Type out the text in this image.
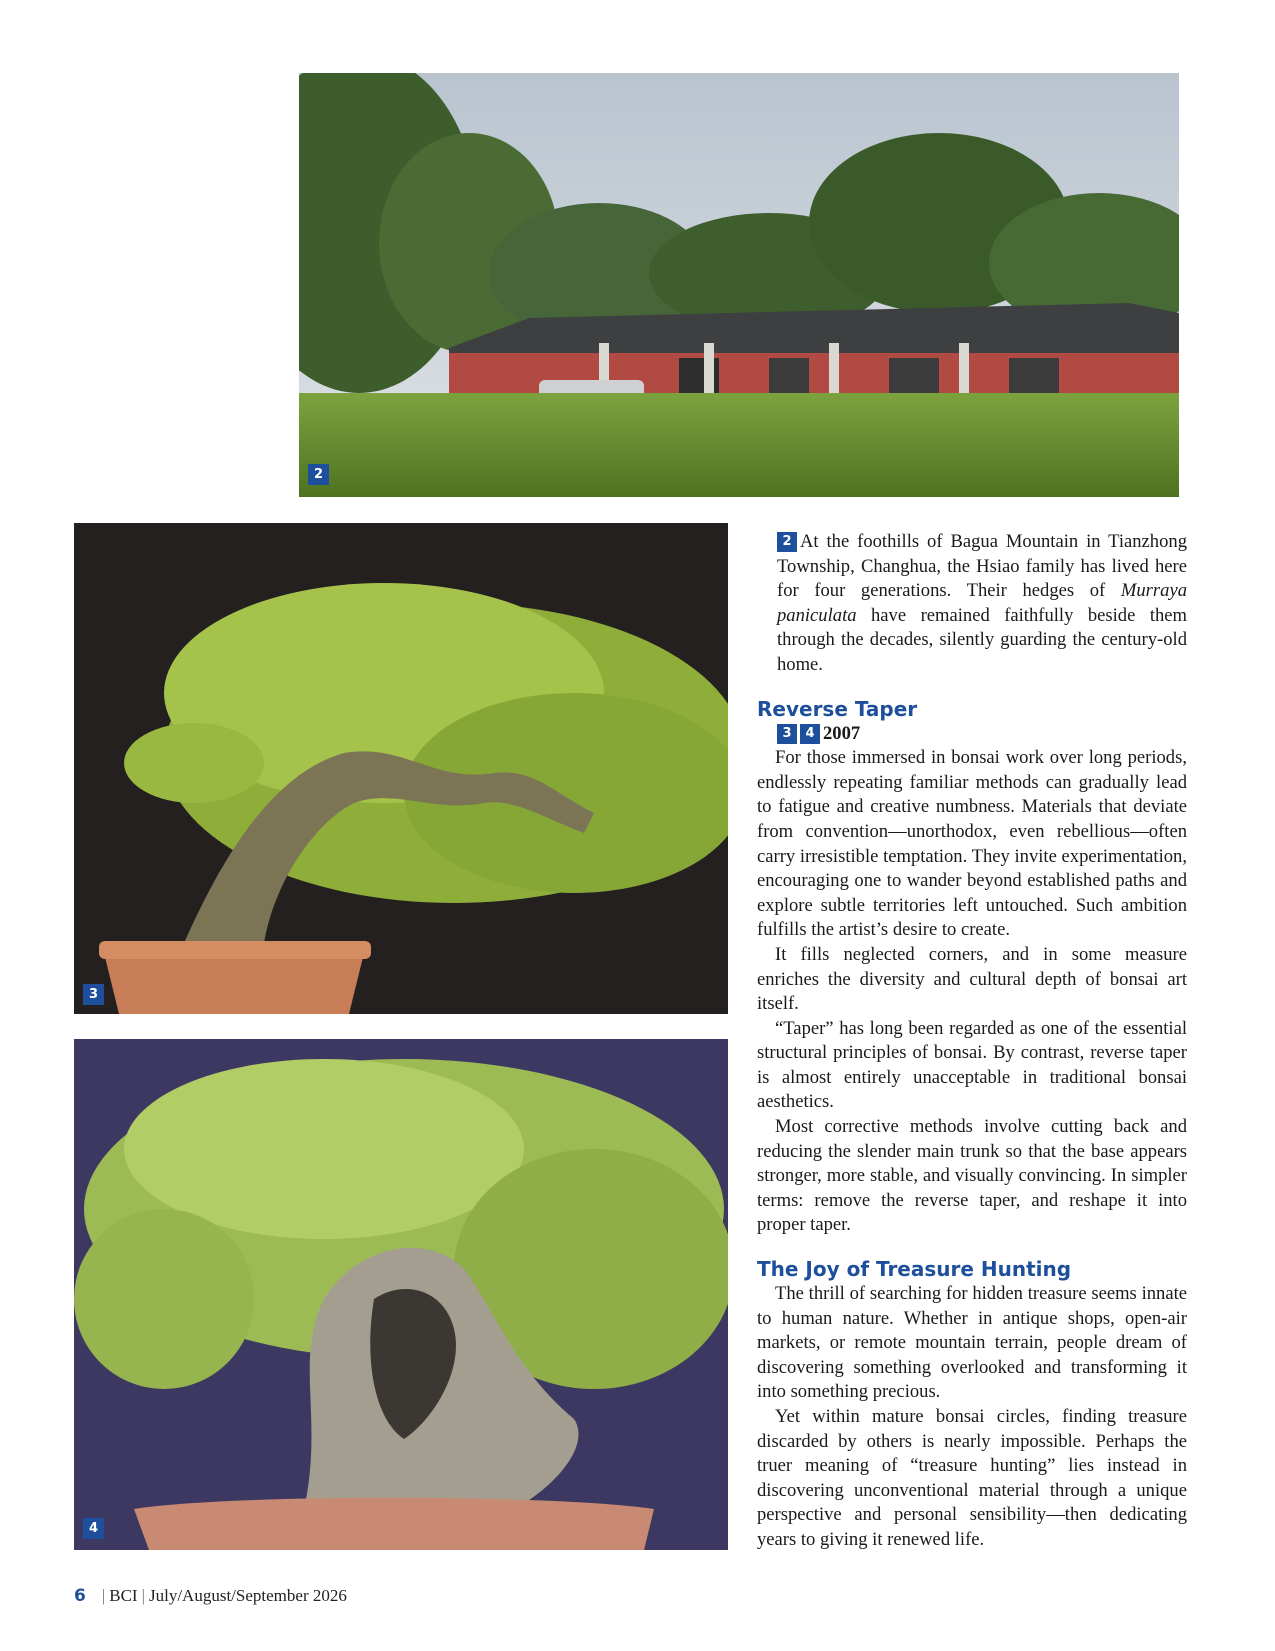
2
3
4

2 At the foothills of Bagua Mountain in Tianzhong Township, Changhua, the Hsiao family has lived here for four generations. Their hedges of Murraya paniculata have remained faithfully beside them through the decades, silently guarding the century-old home.

Reverse Taper
3 4 2007

For those immersed in bonsai work over long periods, endlessly repeating familiar methods can gradually lead to fatigue and creative numbness. Materials that deviate from convention—unorthodox, even rebellious—often carry irresistible temptation. They invite experimentation, encouraging one to wander beyond established paths and explore subtle territories left untouched. Such ambition fulfills the artist’s desire to create.

It fills neglected corners, and in some measure enriches the diversity and cultural depth of bonsai art itself.

“Taper” has long been regarded as one of the essential structural principles of bonsai. By contrast, reverse taper is almost entirely unacceptable in traditional bonsai aesthetics.

Most corrective methods involve cutting back and reducing the slender main trunk so that the base appears stronger, more stable, and visually convincing. In simpler terms: remove the reverse taper, and reshape it into proper taper.

The Joy of Treasure Hunting

The thrill of searching for hidden treasure seems innate to human nature. Whether in antique shops, open-air markets, or remote mountain terrain, people dream of discovering something overlooked and transforming it into something precious.

Yet within mature bonsai circles, finding treasure discarded by others is nearly impossible. Perhaps the truer meaning of “treasure hunting” lies instead in discovering unconventional material through a unique perspective and personal sensibility—then dedicating years to giving it renewed life.

6 | BCI | July/August/September 2026
